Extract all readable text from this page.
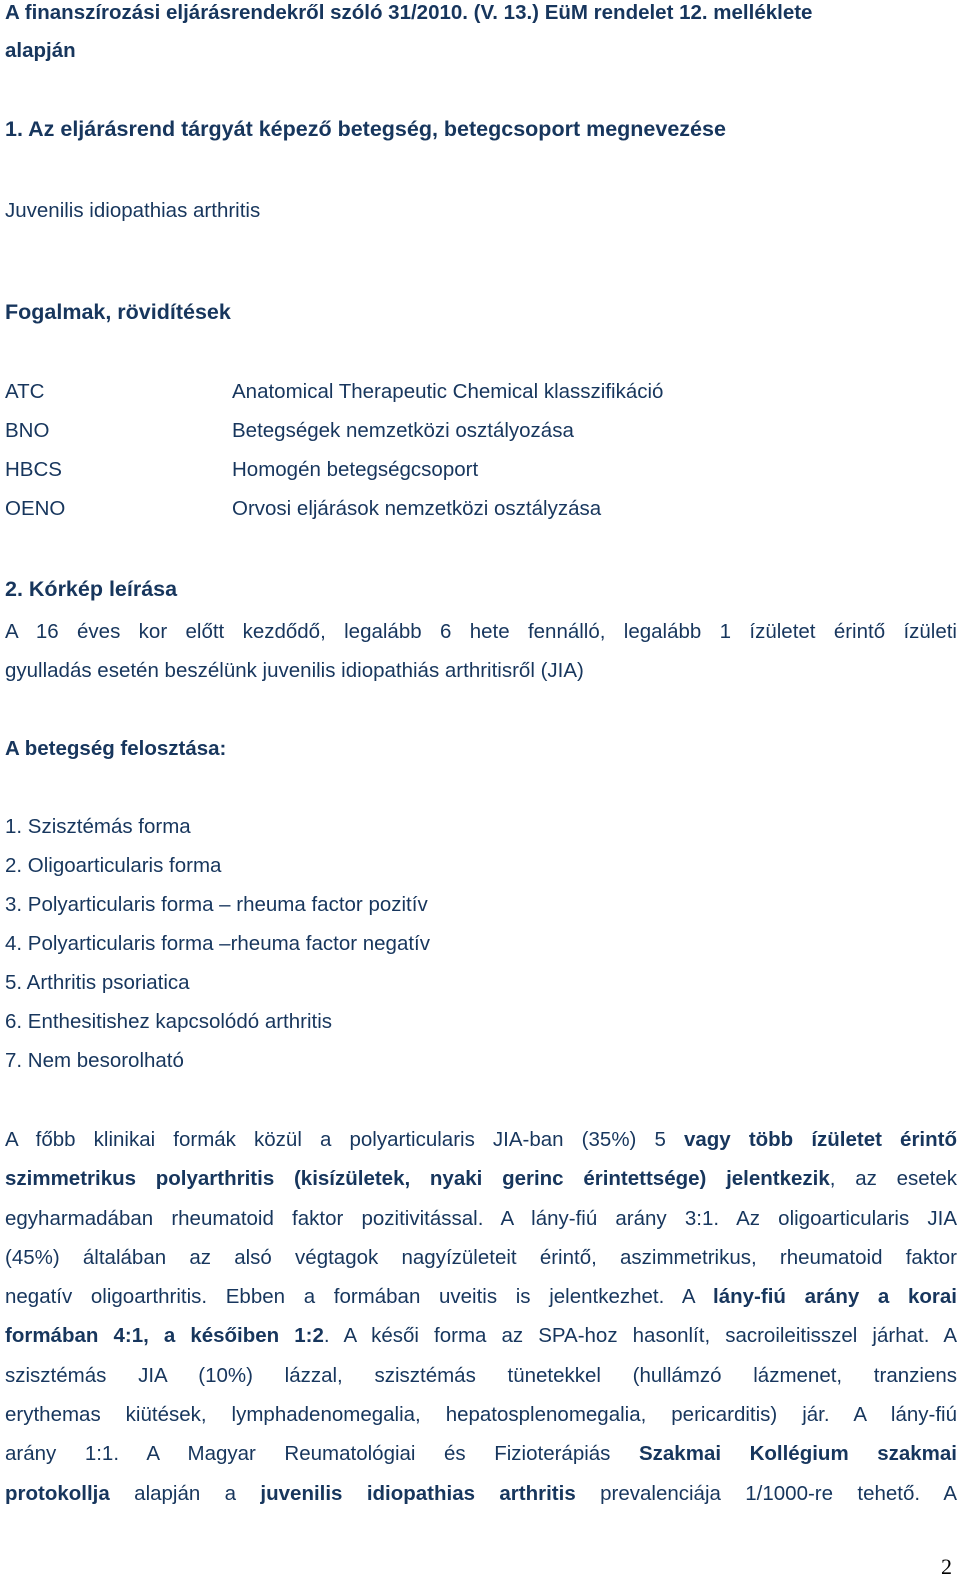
A finanszírozási eljárásrendekről szóló 31/2010. (V. 13.) EüM rendelet 12. melléklete

alapján

1. Az eljárásrend tárgyát képező betegség, betegcsoport megnevezése

Juvenilis idiopathias arthritis

Fogalmak, rövidítések

ATC	Anatomical Therapeutic Chemical klasszifikáció
BNO	Betegségek nemzetközi osztályozása
HBCS	Homogén betegségcsoport
OENO	Orvosi eljárások nemzetközi osztályzása

2. Kórkép leírása

A 16 éves kor előtt kezdődő, legalább 6 hete fennálló, legalább 1 ízületet érintő ízületi
gyulladás esetén beszélünk juvenilis idiopathiás arthritisről (JIA)

A betegség felosztása:

1. Szisztémás forma

2. Oligoarticularis forma

3. Polyarticularis forma – rheuma factor pozitív

4. Polyarticularis forma –rheuma factor negatív

5. Arthritis psoriatica

6. Enthesitishez kapcsolódó arthritis

7. Nem besorolható

A főbb klinikai formák közül a polyarticularis JIA-ban (35%) 5 vagy több ízületet érintő
szimmetrikus polyarthritis (kisízületek, nyaki gerinc érintettsége) jelentkezik, az esetek
egyharmadában rheumatoid faktor pozitivitással. A lány-fiú arány 3:1. Az oligoarticularis JIA
(45%) általában az alsó végtagok nagyízületeit érintő, aszimmetrikus, rheumatoid faktor
negatív oligoarthritis. Ebben a formában uveitis is jelentkezhet. A lány-fiú arány a korai
formában 4:1, a későiben 1:2. A késői forma az SPA-hoz hasonlít, sacroileitisszel járhat. A
szisztémás JIA (10%) lázzal, szisztémás tünetekkel (hullámzó lázmenet, tranziens
erythemas kiütések, lymphadenomegalia, hepatosplenomegalia, pericarditis) jár. A lány-fiú
arány 1:1. A Magyar Reumatológiai és Fizioterápiás Szakmai Kollégium szakmai
protokollja alapján a juvenilis idiopathias arthritis prevalenciája 1/1000-re tehető. A
2
